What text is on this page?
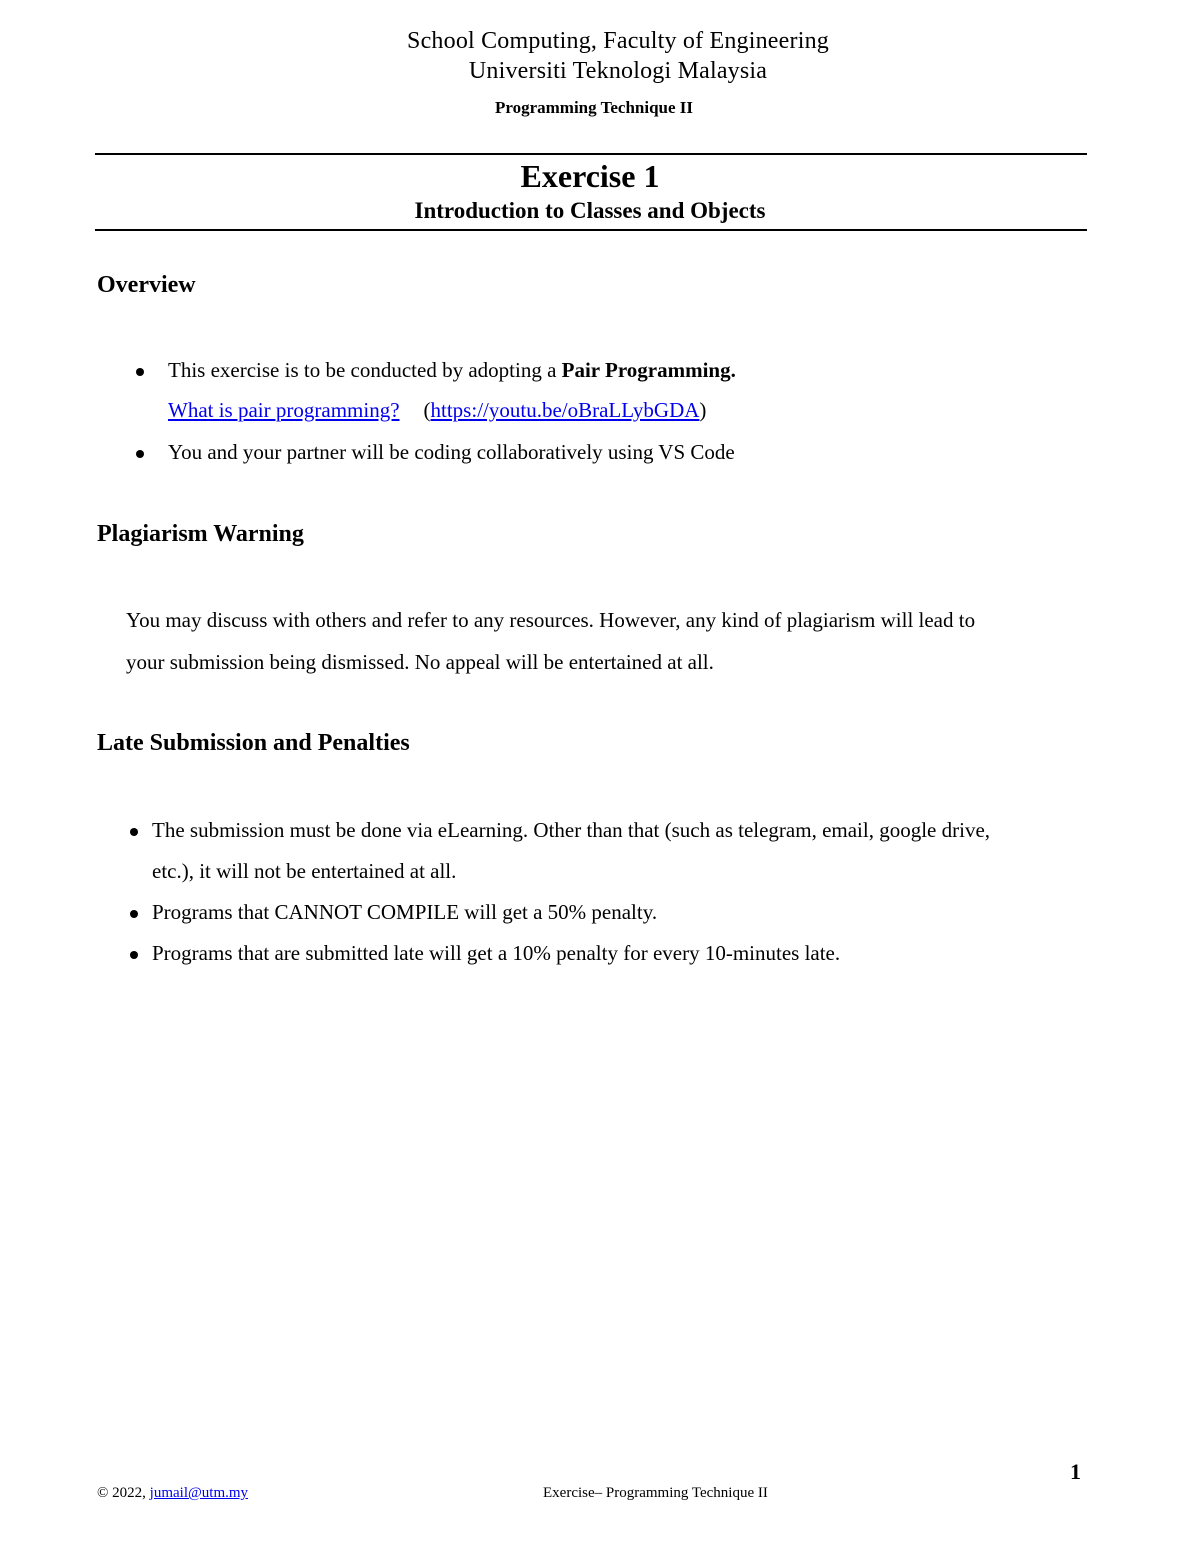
School Computing, Faculty of Engineering
Universiti Teknologi Malaysia
Programming Technique II
Exercise 1
Introduction to Classes and Objects
Overview
This exercise is to be conducted by adopting a Pair Programming.
What is pair programming? (https://youtu.be/oBraLLybGDA)
You and your partner will be coding collaboratively using VS Code
Plagiarism Warning
You may discuss with others and refer to any resources. However, any kind of plagiarism will lead to
your submission being dismissed. No appeal will be entertained at all.
Late Submission and Penalties
The submission must be done via eLearning. Other than that (such as telegram, email, google drive,
etc.), it will not be entertained at all.
Programs that CANNOT COMPILE will get a 50% penalty.
Programs that are submitted late will get a 10% penalty for every 10-minutes late.
1
© 2022, jumail@utm.my	Exercise– Programming Technique II
